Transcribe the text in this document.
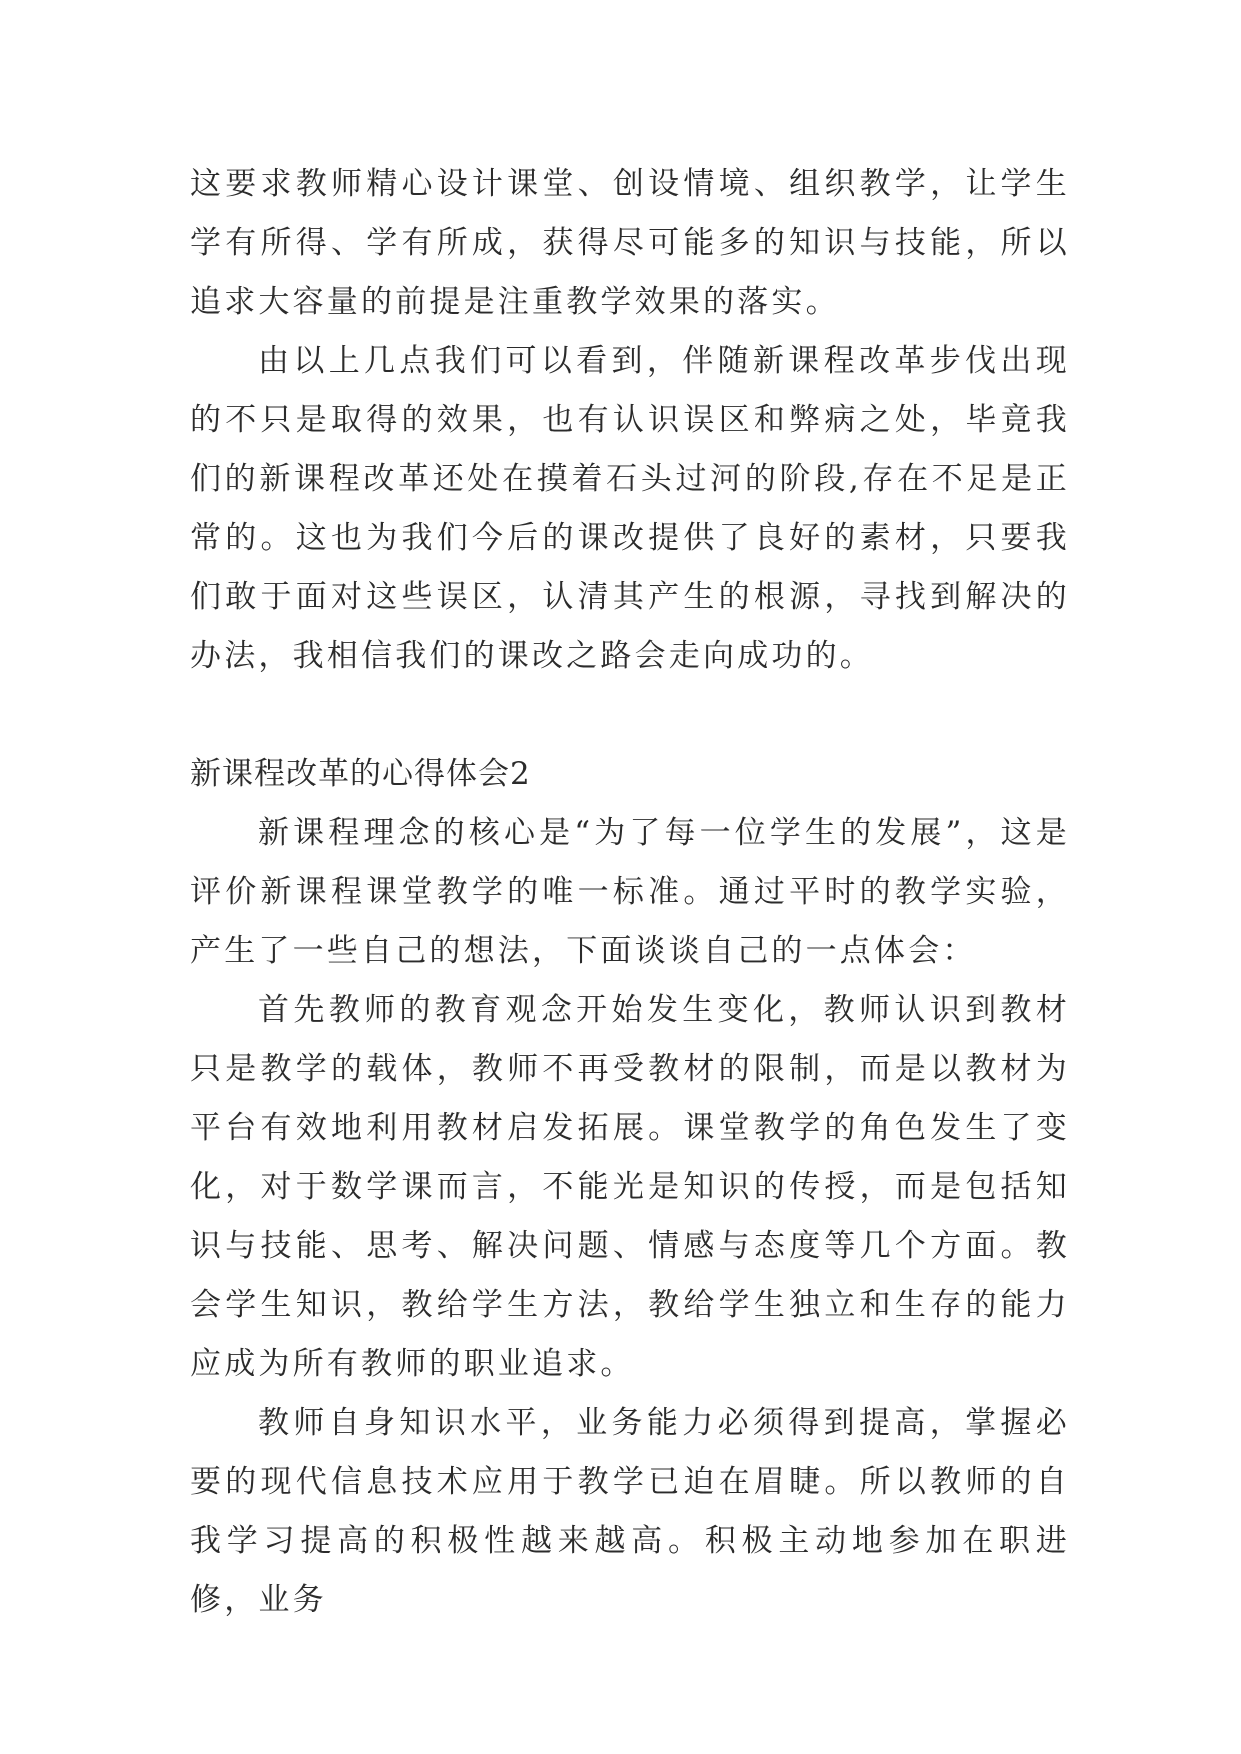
这要求教师精心设计课堂、创设情境、组织教学，让学生学有所得、学有所成，获得尽可能多的知识与技能，所以追求大容量的前提是注重教学效果的落实。

由以上几点我们可以看到，伴随新课程改革步伐出现的不只是取得的效果，也有认识误区和弊病之处，毕竟我们的新课程改革还处在摸着石头过河的阶段,存在不足是正常的。这也为我们今后的课改提供了良好的素材，只要我们敢于面对这些误区，认清其产生的根源，寻找到解决的办法，我相信我们的课改之路会走向成功的。

新课程改革的心得体会2

新课程理念的核心是“为了每一位学生的发展”，这是评价新课程课堂教学的唯一标准。通过平时的教学实验，产生了一些自己的想法，下面谈谈自己的一点体会：

首先教师的教育观念开始发生变化，教师认识到教材只是教学的载体，教师不再受教材的限制，而是以教材为平台有效地利用教材启发拓展。课堂教学的角色发生了变化，对于数学课而言，不能光是知识的传授，而是包括知识与技能、思考、解决问题、情感与态度等几个方面。教会学生知识，教给学生方法，教给学生独立和生存的能力应成为所有教师的职业追求。

教师自身知识水平，业务能力必须得到提高，掌握必要的现代信息技术应用于教学已迫在眉睫。所以教师的自我学习提高的积极性越来越高。积极主动地参加在职进修，业务
